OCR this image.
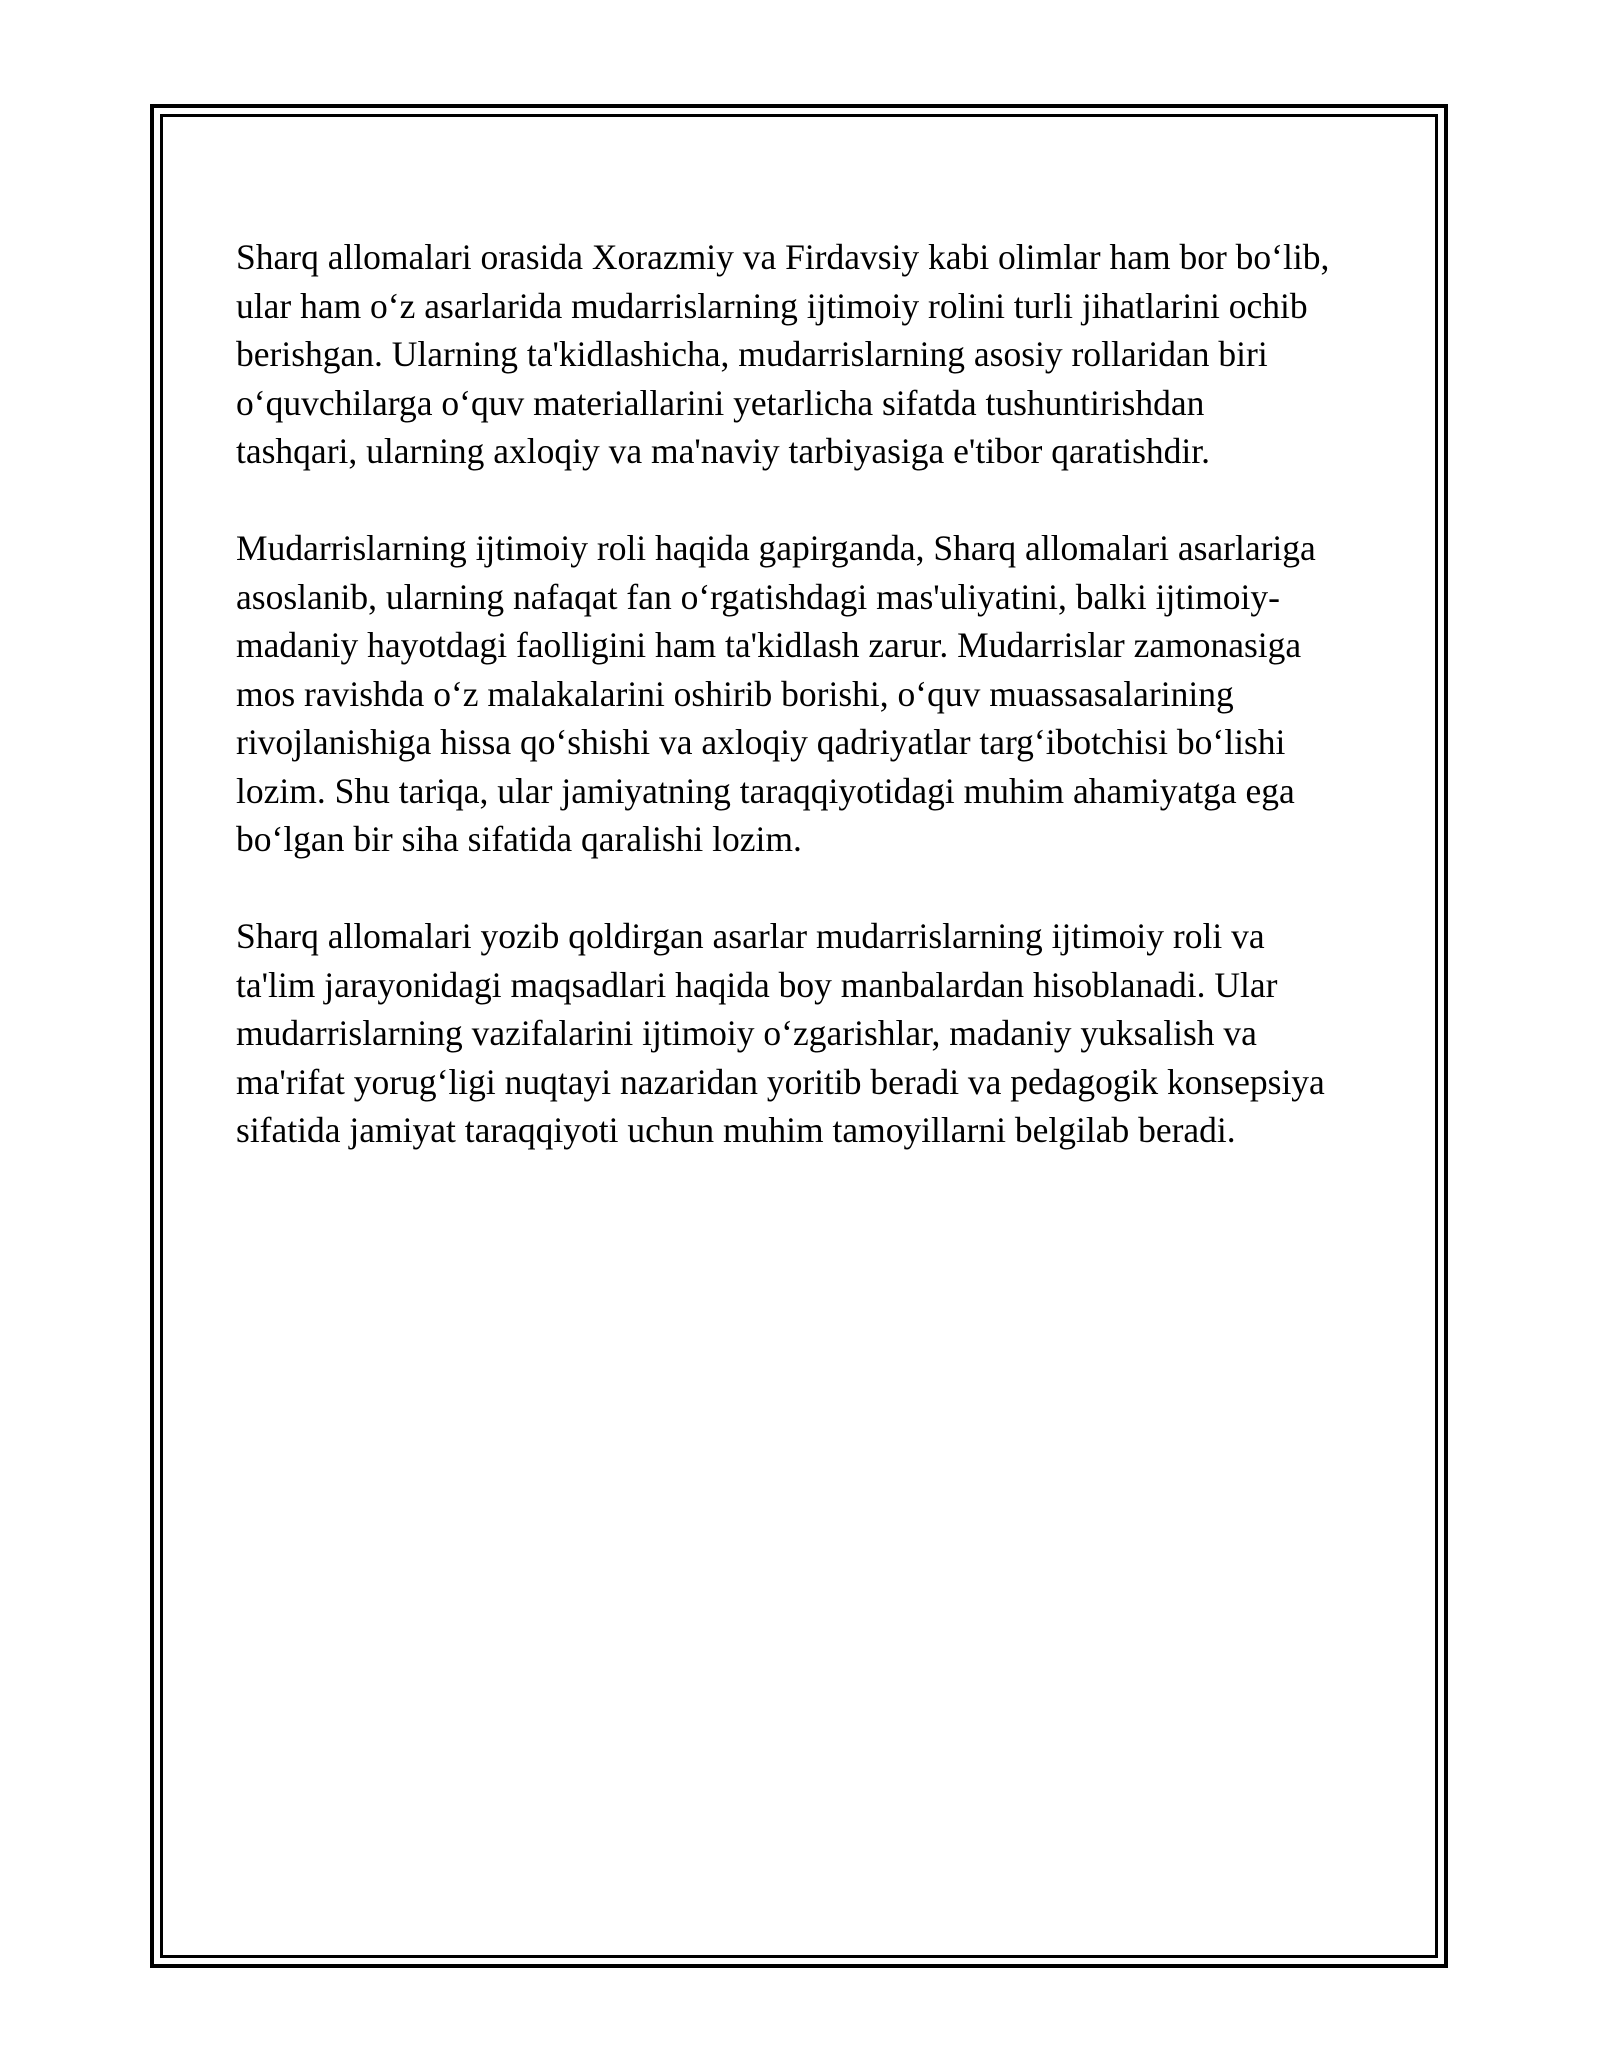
Sharq allomalari orasida Xorazmiy va Firdavsiy kabi olimlar ham bor bo‘lib,
ular ham o‘z asarlarida mudarrislarning ijtimoiy rolini turli jihatlarini ochib
berishgan. Ularning ta'kidlashicha, mudarrislarning asosiy rollaridan biri
o‘quvchilarga o‘quv materiallarini yetarlicha sifatda tushuntirishdan
tashqari, ularning axloqiy va ma'naviy tarbiyasiga e'tibor qaratishdir.

Mudarrislarning ijtimoiy roli haqida gapirganda, Sharq allomalari asarlariga
asoslanib, ularning nafaqat fan o‘rgatishdagi mas'uliyatini, balki ijtimoiy-
madaniy hayotdagi faolligini ham ta'kidlash zarur. Mudarrislar zamonasiga
mos ravishda o‘z malakalarini oshirib borishi, o‘quv muassasalarining
rivojlanishiga hissa qo‘shishi va axloqiy qadriyatlar targ‘ibotchisi bo‘lishi
lozim. Shu tariqa, ular jamiyatning taraqqiyotidagi muhim ahamiyatga ega
bo‘lgan bir siha sifatida qaralishi lozim.

Sharq allomalari yozib qoldirgan asarlar mudarrislarning ijtimoiy roli va
ta'lim jarayonidagi maqsadlari haqida boy manbalardan hisoblanadi. Ular
mudarrislarning vazifalarini ijtimoiy o‘zgarishlar, madaniy yuksalish va
ma'rifat yorug‘ligi nuqtayi nazaridan yoritib beradi va pedagogik konsepsiya
sifatida jamiyat taraqqiyoti uchun muhim tamoyillarni belgilab beradi.
